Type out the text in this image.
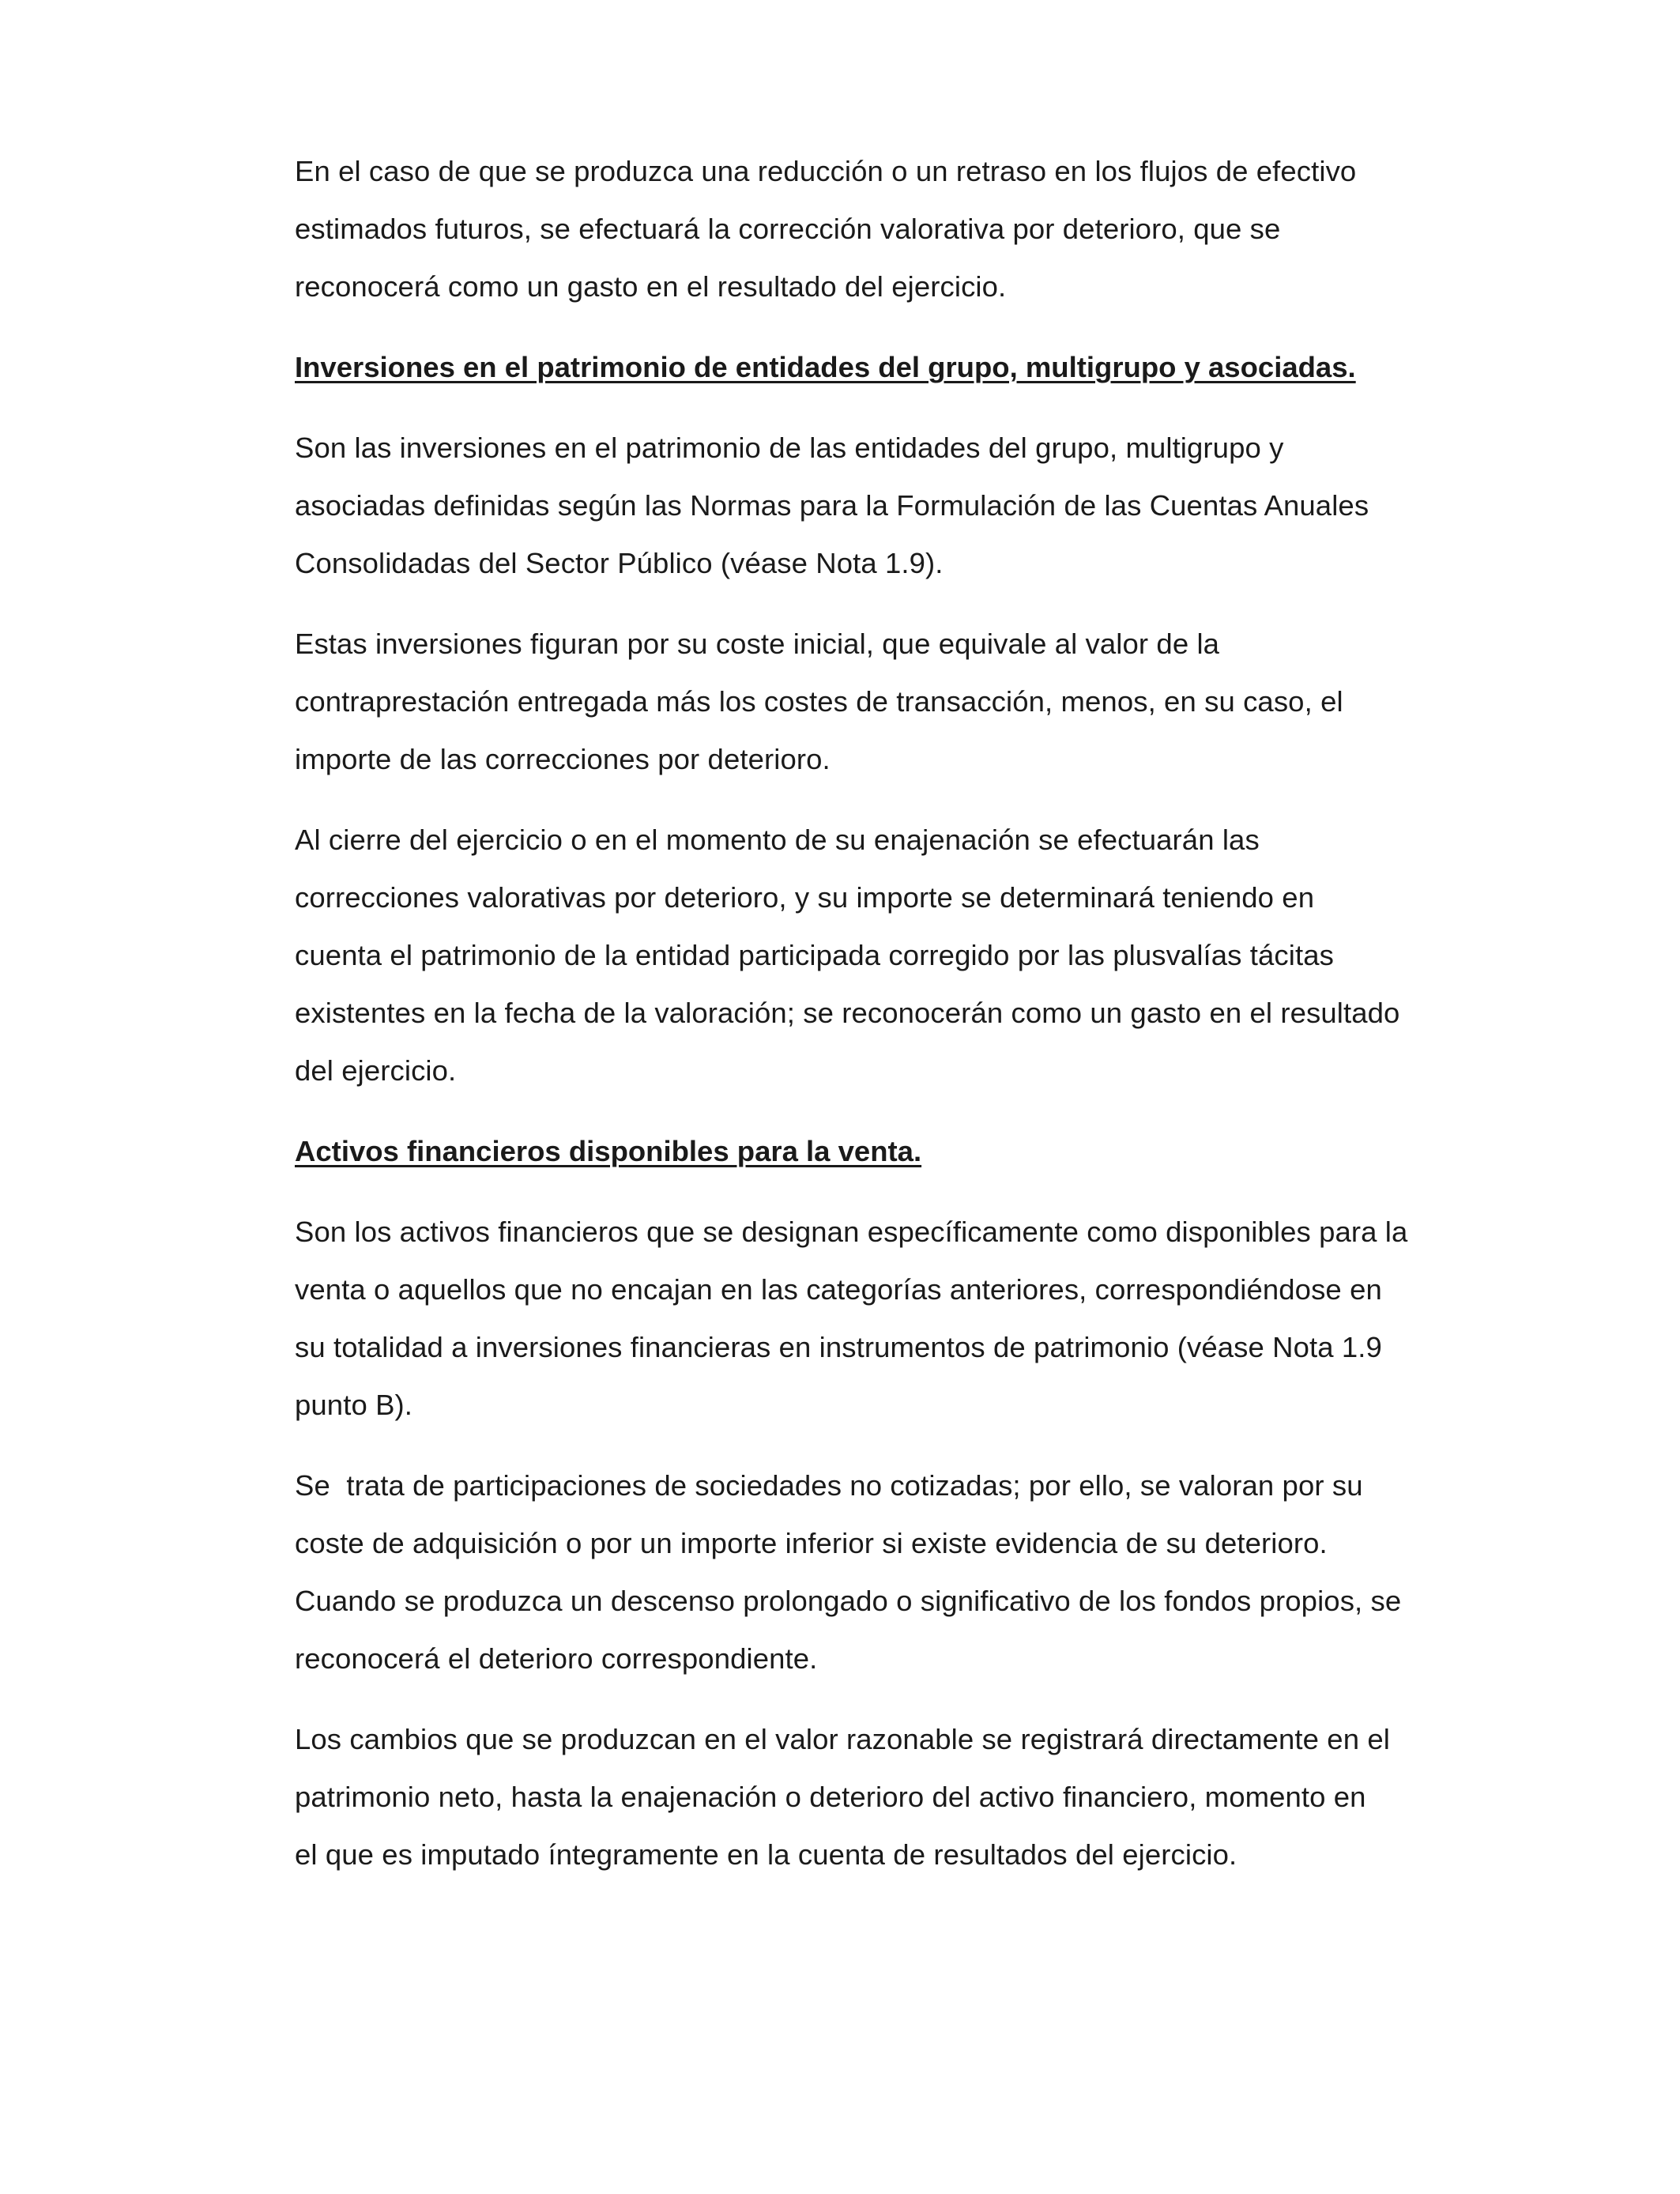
En el caso de que se produzca una reducción o un retraso en los flujos de efectivo
estimados futuros, se efectuará la corrección valorativa por deterioro, que se
reconocerá como un gasto en el resultado del ejercicio.

Inversiones en el patrimonio de entidades del grupo, multigrupo y asociadas.

Son las inversiones en el patrimonio de las entidades del grupo, multigrupo y
asociadas definidas según las Normas para la Formulación de las Cuentas Anuales
Consolidadas del Sector Público (véase Nota 1.9).

Estas inversiones figuran por su coste inicial, que equivale al valor de la
contraprestación entregada más los costes de transacción, menos, en su caso, el
importe de las correcciones por deterioro.

Al cierre del ejercicio o en el momento de su enajenación se efectuarán las
correcciones valorativas por deterioro, y su importe se determinará teniendo en
cuenta el patrimonio de la entidad participada corregido por las plusvalías tácitas
existentes en la fecha de la valoración; se reconocerán como un gasto en el resultado
del ejercicio.

Activos financieros disponibles para la venta.

Son los activos financieros que se designan específicamente como disponibles para la
venta o aquellos que no encajan en las categorías anteriores, correspondiéndose en
su totalidad a inversiones financieras en instrumentos de patrimonio (véase Nota 1.9
punto B).

Se  trata de participaciones de sociedades no cotizadas; por ello, se valoran por su
coste de adquisición o por un importe inferior si existe evidencia de su deterioro.
Cuando se produzca un descenso prolongado o significativo de los fondos propios, se
reconocerá el deterioro correspondiente.

Los cambios que se produzcan en el valor razonable se registrará directamente en el
patrimonio neto, hasta la enajenación o deterioro del activo financiero, momento en
el que es imputado íntegramente en la cuenta de resultados del ejercicio.
